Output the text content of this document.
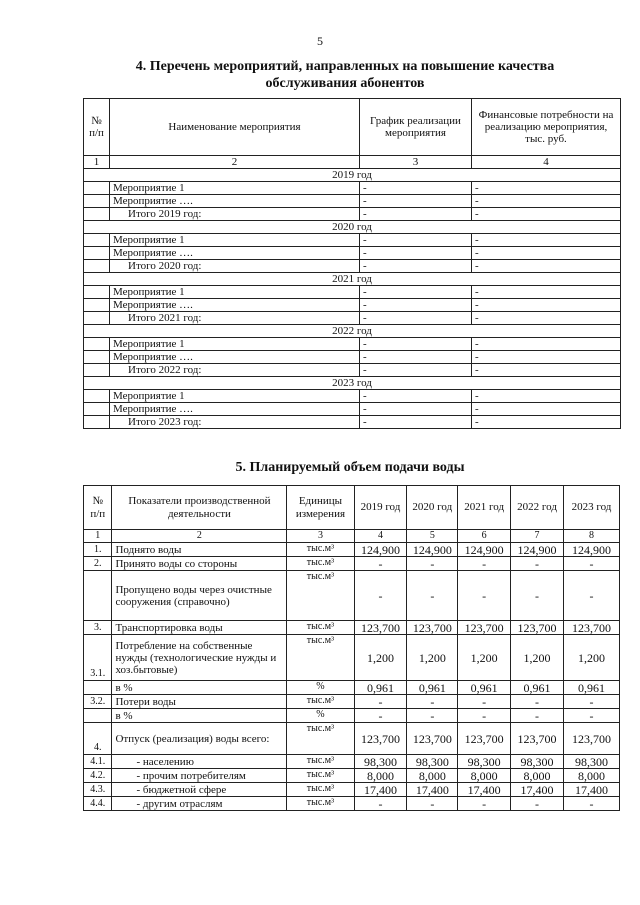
5
4. Перечень мероприятий, направленных на повышение качества обслуживания абонентов
№ п/п	Наименование мероприятия	График реализации мероприятия	Финансовые потребности на реализацию мероприятия, тыс. руб.
1	2	3	4
2019 год			
	Мероприятие 1	-	-
	Мероприятие ….	-	-
	Итого 2019 год:	-	-
2020 год			
	Мероприятие 1	-	-
	Мероприятие ….	-	-
	Итого 2020 год:	-	-
2021 год			
	Мероприятие 1	-	-
	Мероприятие ….	-	-
	Итого 2021 год:	-	-
2022 год			
	Мероприятие 1	-	-
	Мероприятие ….	-	-
	Итого 2022 год:	-	-
2023 год			
	Мероприятие 1	-	-
	Мероприятие ….	-	-
	Итого 2023 год:	-	-
5. Планируемый объем подачи воды
№ п/п	Показатели производственной деятельности	Единицы измерения	2019 год	2020 год	2021 год	2022 год	2023 год
1	2	3	4	5	6	7	8
1.	Поднято воды	тыс.м³	124,900	124,900	124,900	124,900	124,900
2.	Принято воды со стороны	тыс.м³	-	-	-	-	-
	Пропущено воды через очистные сооружения (справочно)	тыс.м³	-	-	-	-	-
3.	Транспортировка воды	тыс.м³	123,700	123,700	123,700	123,700	123,700
3.1.	Потребление на собственные нужды (технологические нужды и хоз.бытовые)	тыс.м³	1,200	1,200	1,200	1,200	1,200
	в %	%	0,961	0,961	0,961	0,961	0,961
3.2.	Потери воды	тыс.м³	-	-	-	-	-
	в %	%	-	-	-	-	-
4.	Отпуск (реализация) воды всего:	тыс.м³	123,700	123,700	123,700	123,700	123,700
4.1.	- населению	тыс.м³	98,300	98,300	98,300	98,300	98,300
4.2.	- прочим потребителям	тыс.м³	8,000	8,000	8,000	8,000	8,000
4.3.	- бюджетной сфере	тыс.м³	17,400	17,400	17,400	17,400	17,400
4.4.	- другим отраслям	тыс.м³	-	-	-	-	-
